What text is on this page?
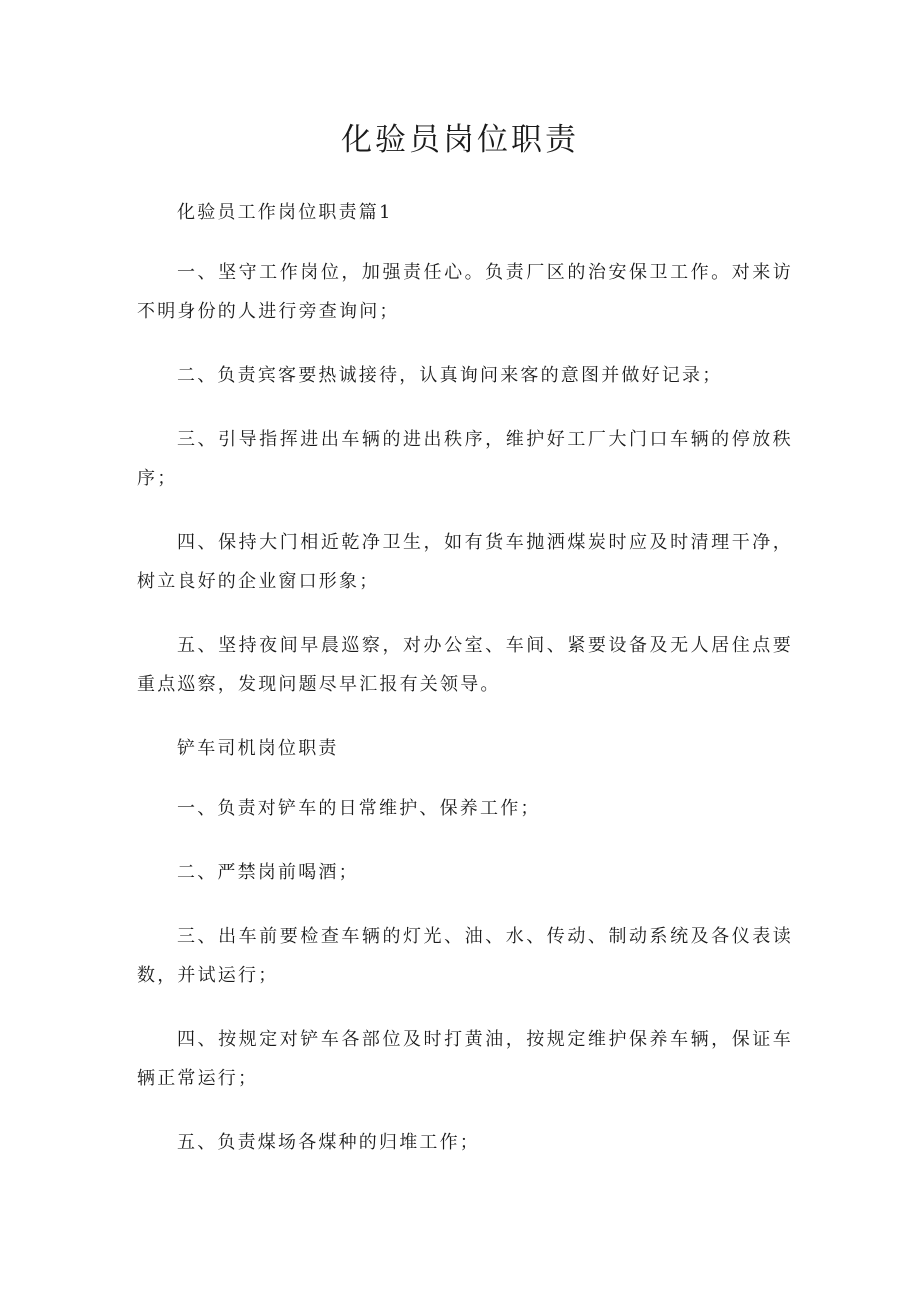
化验员岗位职责

化验员工作岗位职责篇1

一、坚守工作岗位，加强责任心。负责厂区的治安保卫工作。对来访不明身份的人进行旁查询问；

二、负责宾客要热诚接待，认真询问来客的意图并做好记录；

三、引导指挥进出车辆的进出秩序，维护好工厂大门口车辆的停放秩序；

四、保持大门相近乾净卫生，如有货车抛洒煤炭时应及时清理干净，树立良好的企业窗口形象；

五、坚持夜间早晨巡察，对办公室、车间、紧要设备及无人居住点要重点巡察，发现问题尽早汇报有关领导。

铲车司机岗位职责

一、负责对铲车的日常维护、保养工作；

二、严禁岗前喝酒；

三、出车前要检查车辆的灯光、油、水、传动、制动系统及各仪表读数，并试运行；

四、按规定对铲车各部位及时打黄油，按规定维护保养车辆，保证车辆正常运行；

五、负责煤场各煤种的归堆工作；
